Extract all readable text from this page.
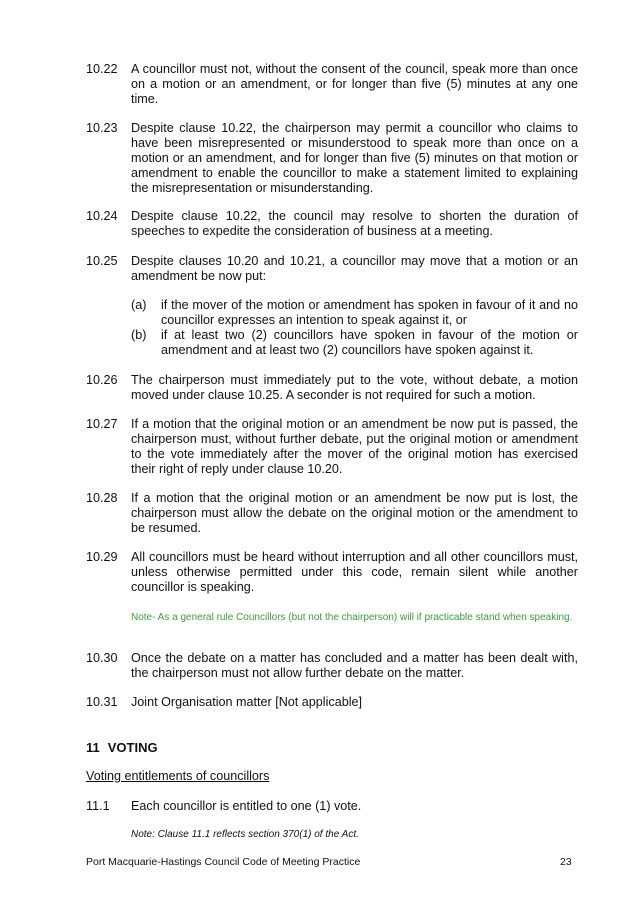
10.22 A councillor must not, without the consent of the council, speak more than once on a motion or an amendment, or for longer than five (5) minutes at any one time.
10.23 Despite clause 10.22, the chairperson may permit a councillor who claims to have been misrepresented or misunderstood to speak more than once on a motion or an amendment, and for longer than five (5) minutes on that motion or amendment to enable the councillor to make a statement limited to explaining the misrepresentation or misunderstanding.
10.24 Despite clause 10.22, the council may resolve to shorten the duration of speeches to expedite the consideration of business at a meeting.
10.25 Despite clauses 10.20 and 10.21, a councillor may move that a motion or an amendment be now put:
(a) if the mover of the motion or amendment has spoken in favour of it and no councillor expresses an intention to speak against it, or
(b) if at least two (2) councillors have spoken in favour of the motion or amendment and at least two (2) councillors have spoken against it.
10.26 The chairperson must immediately put to the vote, without debate, a motion moved under clause 10.25. A seconder is not required for such a motion.
10.27 If a motion that the original motion or an amendment be now put is passed, the chairperson must, without further debate, put the original motion or amendment to the vote immediately after the mover of the original motion has exercised their right of reply under clause 10.20.
10.28 If a motion that the original motion or an amendment be now put is lost, the chairperson must allow the debate on the original motion or the amendment to be resumed.
10.29 All councillors must be heard without interruption and all other councillors must, unless otherwise permitted under this code, remain silent while another councillor is speaking.
Note- As a general rule Councillors (but not the chairperson) will if practicable stand when speaking.
10.30 Once the debate on a matter has concluded and a matter has been dealt with, the chairperson must not allow further debate on the matter.
10.31 Joint Organisation matter [Not applicable]
11 VOTING
Voting entitlements of councillors
11.1 Each councillor is entitled to one (1) vote.
Note: Clause 11.1 reflects section 370(1) of the Act.
Port Macquarie-Hastings Council Code of Meeting Practice	23
